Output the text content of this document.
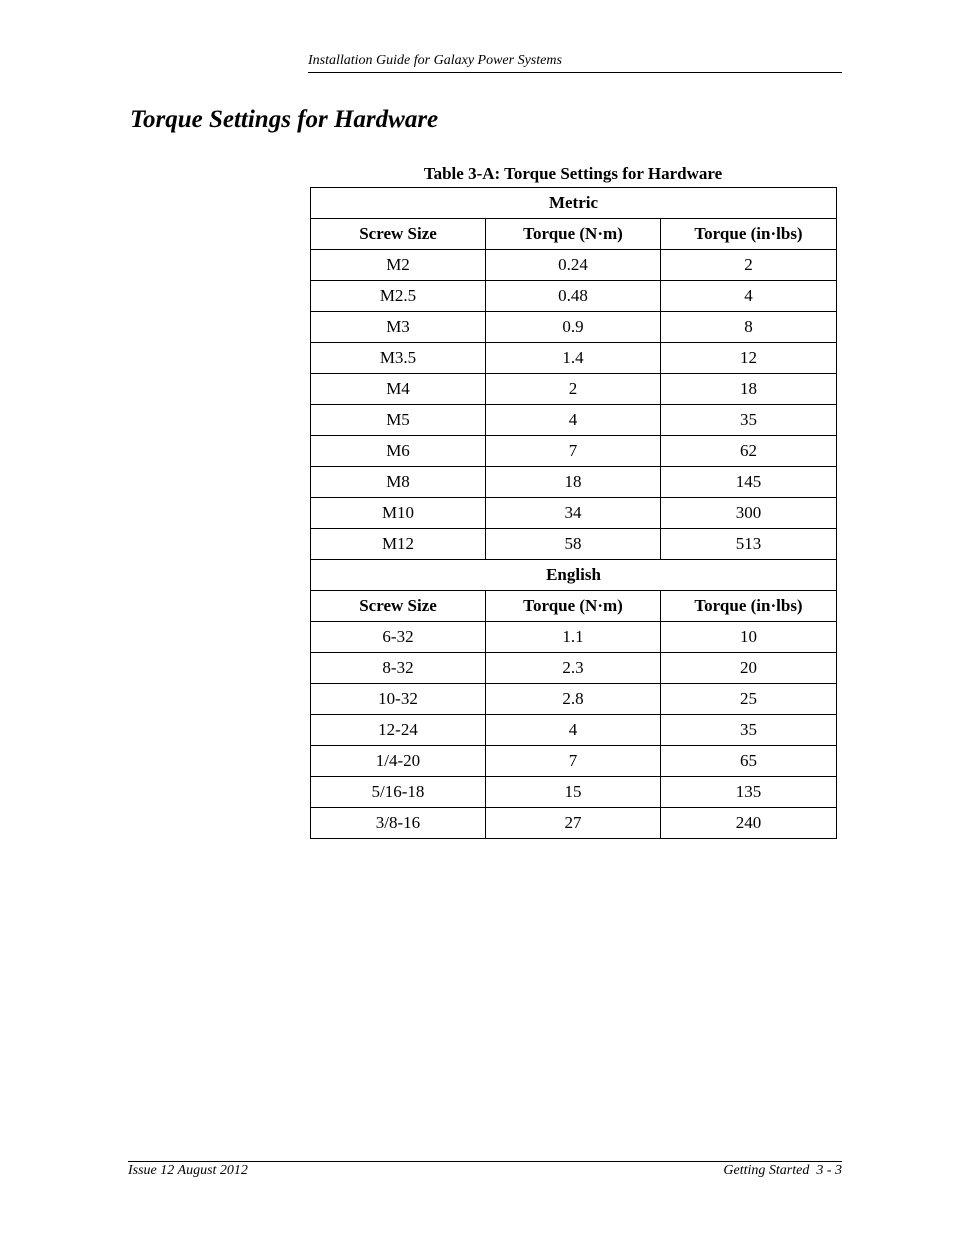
Installation Guide for Galaxy Power Systems
Torque Settings for Hardware
Table 3-A: Torque Settings for Hardware
Metric		
Screw Size	Torque (N·m)	Torque (in·lbs)
M2	0.24	2
M2.5	0.48	4
M3	0.9	8
M3.5	1.4	12
M4	2	18
M5	4	35
M6	7	62
M8	18	145
M10	34	300
M12	58	513
English		
Screw Size	Torque (N·m)	Torque (in·lbs)
6-32	1.1	10
8-32	2.3	20
10-32	2.8	25
12-24	4	35
1/4-20	7	65
5/16-18	15	135
3/8-16	27	240
Issue 12 August 2012	Getting Started  3 - 3
